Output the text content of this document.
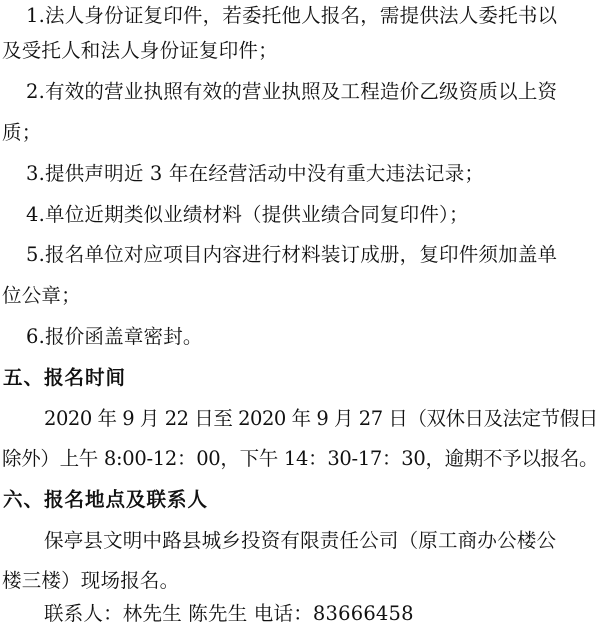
1.法人身份证复印件，若委托他人报名，需提供法人委托书以
及受托人和法人身份证复印件；
2.有效的营业执照有效的营业执照及工程造价乙级资质以上资
质；
3.提供声明近 3 年在经营活动中没有重大违法记录；
4.单位近期类似业绩材料（提供业绩合同复印件）；
5.报名单位对应项目内容进行材料装订成册，复印件须加盖单
位公章；
6.报价函盖章密封。
五、报名时间
2020 年 9 月 22 日至 2020 年 9 月 27 日（双休日及法定节假日
除外）上午 8:00-12：00，下午 14：30-17：30，逾期不予以报名。
六、报名地点及联系人
保亭县文明中路县城乡投资有限责任公司（原工商办公楼公
楼三楼）现场报名。
联系人：林先生 陈先生 电话：83666458
